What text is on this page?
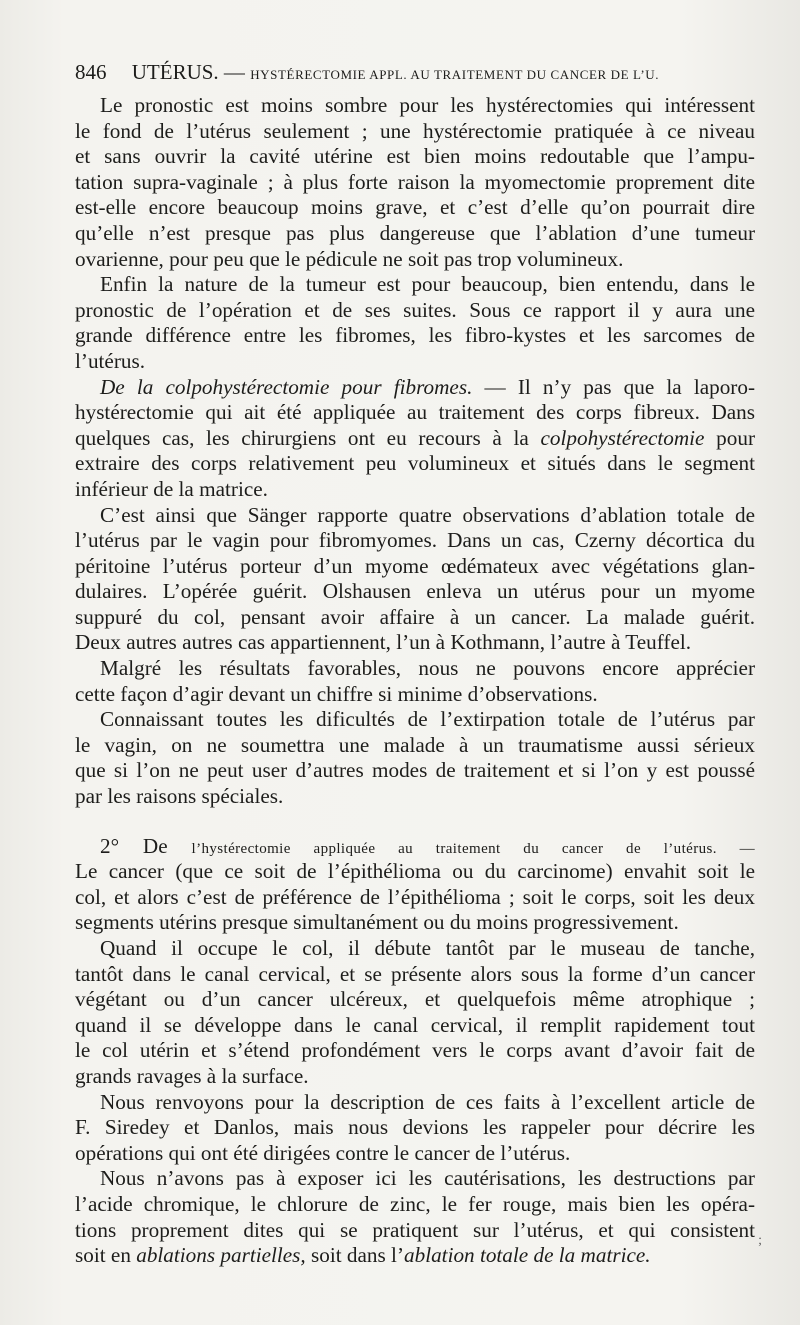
846 UTÉRUS. — HYSTÉRECTOMIE APPL. AU TRAITEMENT DU CANCER DE L’U.
Le pronostic est moins sombre pour les hystérectomies qui intéressent
le fond de l’utérus seulement ; une hystérectomie pratiquée à ce niveau
et sans ouvrir la cavité utérine est bien moins redoutable que l’ampu-
tation supra-vaginale ; à plus forte raison la myomectomie proprement dite
est-elle encore beaucoup moins grave, et c’est d’elle qu’on pourrait dire
qu’elle n’est presque pas plus dangereuse que l’ablation d’une tumeur
ovarienne, pour peu que le pédicule ne soit pas trop volumineux.
Enfin la nature de la tumeur est pour beaucoup, bien entendu, dans le
pronostic de l’opération et de ses suites. Sous ce rapport il y aura une
grande différence entre les fibromes, les fibro-kystes et les sarcomes de
l’utérus.
De la colpohystérectomie pour fibromes. — Il n’y pas que la laporo-
hystérectomie qui ait été appliquée au traitement des corps fibreux. Dans
quelques cas, les chirurgiens ont eu recours à la colpohystérectomie pour
extraire des corps relativement peu volumineux et situés dans le segment
inférieur de la matrice.
C’est ainsi que Sänger rapporte quatre observations d’ablation totale de
l’utérus par le vagin pour fibromyomes. Dans un cas, Czerny décortica du
péritoine l’utérus porteur d’un myome œdémateux avec végétations glan-
dulaires. L’opérée guérit. Olshausen enleva un utérus pour un myome
suppuré du col, pensant avoir affaire à un cancer. La malade guérit.
Deux autres autres cas appartiennent, l’un à Kothmann, l’autre à Teuffel.
Malgré les résultats favorables, nous ne pouvons encore apprécier
cette façon d’agir devant un chiffre si minime d’observations.
Connaissant toutes les dificultés de l’extirpation totale de l’utérus par
le vagin, on ne soumettra une malade à un traumatisme aussi sérieux
que si l’on ne peut user d’autres modes de traitement et si l’on y est poussé
par les raisons spéciales.
2° De l’hystérectomie appliquée au traitement du cancer de l’utérus. —
Le cancer (que ce soit de l’épithélioma ou du carcinome) envahit soit le
col, et alors c’est de préférence de l’épithélioma ; soit le corps, soit les deux
segments utérins presque simultanément ou du moins progressivement.
Quand il occupe le col, il débute tantôt par le museau de tanche,
tantôt dans le canal cervical, et se présente alors sous la forme d’un cancer
végétant ou d’un cancer ulcéreux, et quelquefois même atrophique ;
quand il se développe dans le canal cervical, il remplit rapidement tout
le col utérin et s’étend profondément vers le corps avant d’avoir fait de
grands ravages à la surface.
Nous renvoyons pour la description de ces faits à l’excellent article de
F. Siredey et Danlos, mais nous devions les rappeler pour décrire les
opérations qui ont été dirigées contre le cancer de l’utérus.
Nous n’avons pas à exposer ici les cautérisations, les destructions par
l’acide chromique, le chlorure de zinc, le fer rouge, mais bien les opéra-
tions proprement dites qui se pratiquent sur l’utérus, et qui consistent
soit en ablations partielles, soit dans l’ablation totale de la matrice.
;
